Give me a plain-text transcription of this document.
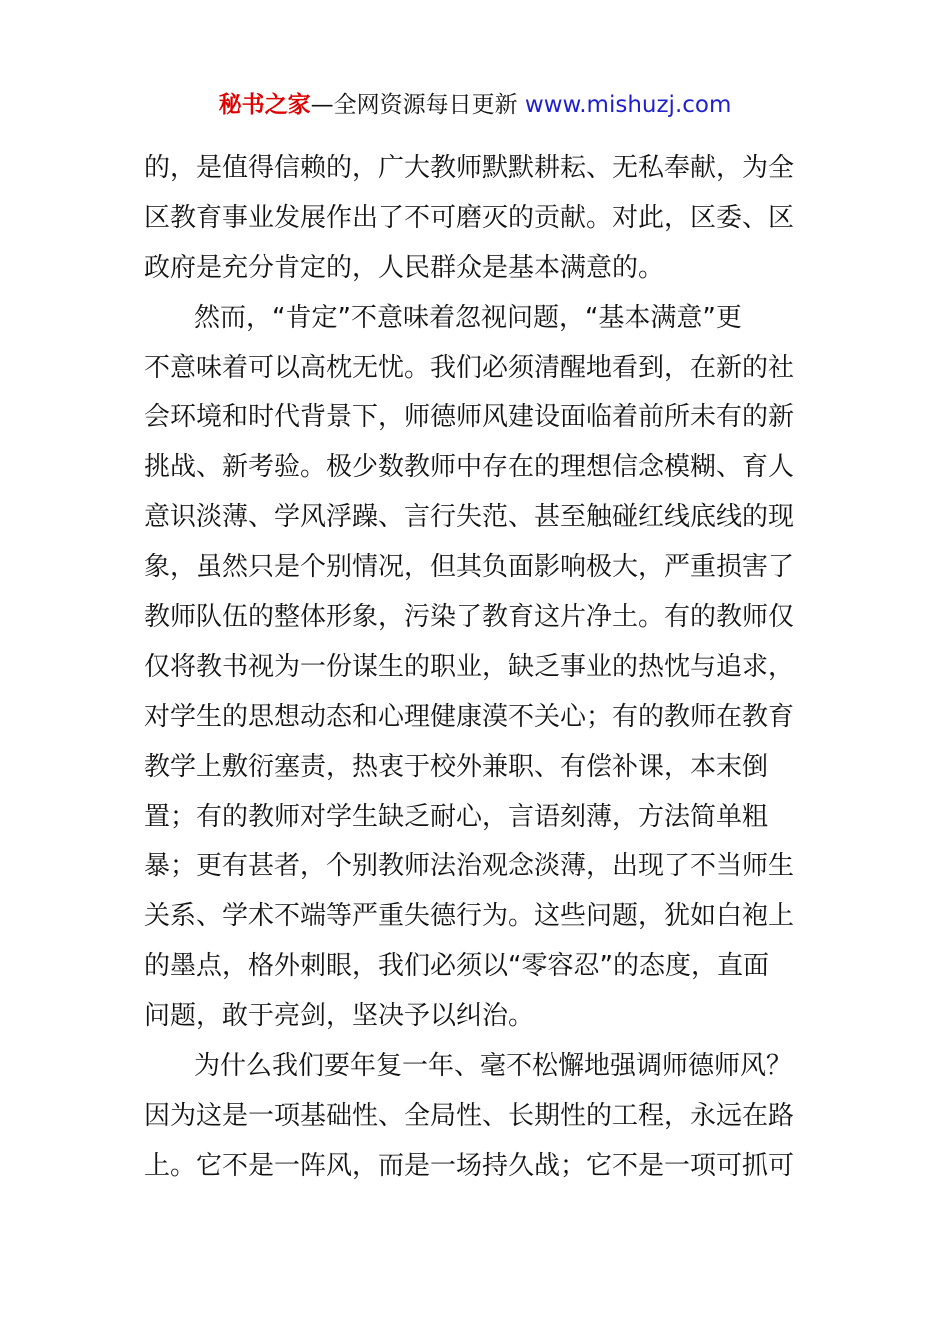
秘书之家—全网资源每日更新 www.mishuzj.com
的，是值得信赖的，广大教师默默耕耘、无私奉献，为全
区教育事业发展作出了不可磨灭的贡献。对此，区委、区
政府是充分肯定的，人民群众是基本满意的。
然而，“肯定”不意味着忽视问题，“基本满意”更
不意味着可以高枕无忧。我们必须清醒地看到，在新的社
会环境和时代背景下，师德师风建设面临着前所未有的新
挑战、新考验。极少数教师中存在的理想信念模糊、育人
意识淡薄、学风浮躁、言行失范、甚至触碰红线底线的现
象，虽然只是个别情况，但其负面影响极大，严重损害了
教师队伍的整体形象，污染了教育这片净土。有的教师仅
仅将教书视为一份谋生的职业，缺乏事业的热忱与追求，
对学生的思想动态和心理健康漠不关心；有的教师在教育
教学上敷衍塞责，热衷于校外兼职、有偿补课，本末倒
置；有的教师对学生缺乏耐心，言语刻薄，方法简单粗
暴；更有甚者，个别教师法治观念淡薄，出现了不当师生
关系、学术不端等严重失德行为。这些问题，犹如白袍上
的墨点，格外刺眼，我们必须以“零容忍”的态度，直面
问题，敢于亮剑，坚决予以纠治。
为什么我们要年复一年、毫不松懈地强调师德师风？
因为这是一项基础性、全局性、长期性的工程，永远在路
上。它不是一阵风，而是一场持久战；它不是一项可抓可
